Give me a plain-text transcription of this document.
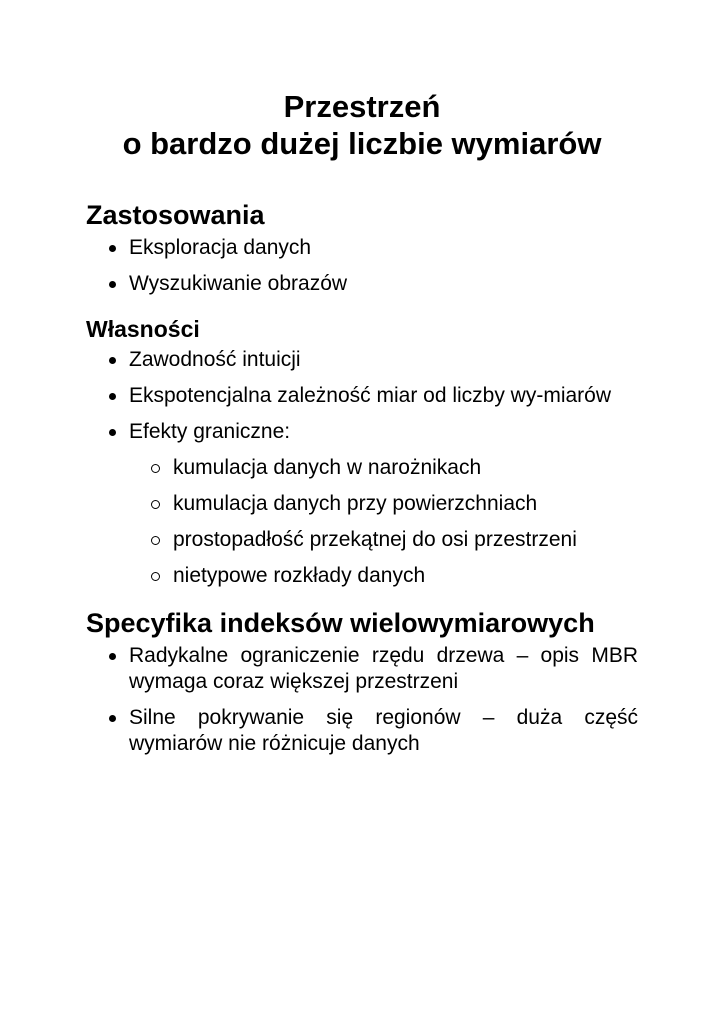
Przestrzeń
o bardzo dużej liczbie wymiarów
Zastosowania
Eksploracja danych
Wyszukiwanie obrazów
Własności
Zawodność intuicji
Ekspotencjalna zależność miar od liczby wy-miarów
Efekty graniczne:
kumulacja danych w narożnikach
kumulacja danych przy powierzchniach
prostopadłość przekątnej do osi przestrzeni
nietypowe rozkłady danych
Specyfika indeksów wielowymiarowych
Radykalne ograniczenie rzędu drzewa – opis MBR wymaga coraz większej przestrzeni
Silne pokrywanie się regionów – duża część wymiarów nie różnicuje danych
